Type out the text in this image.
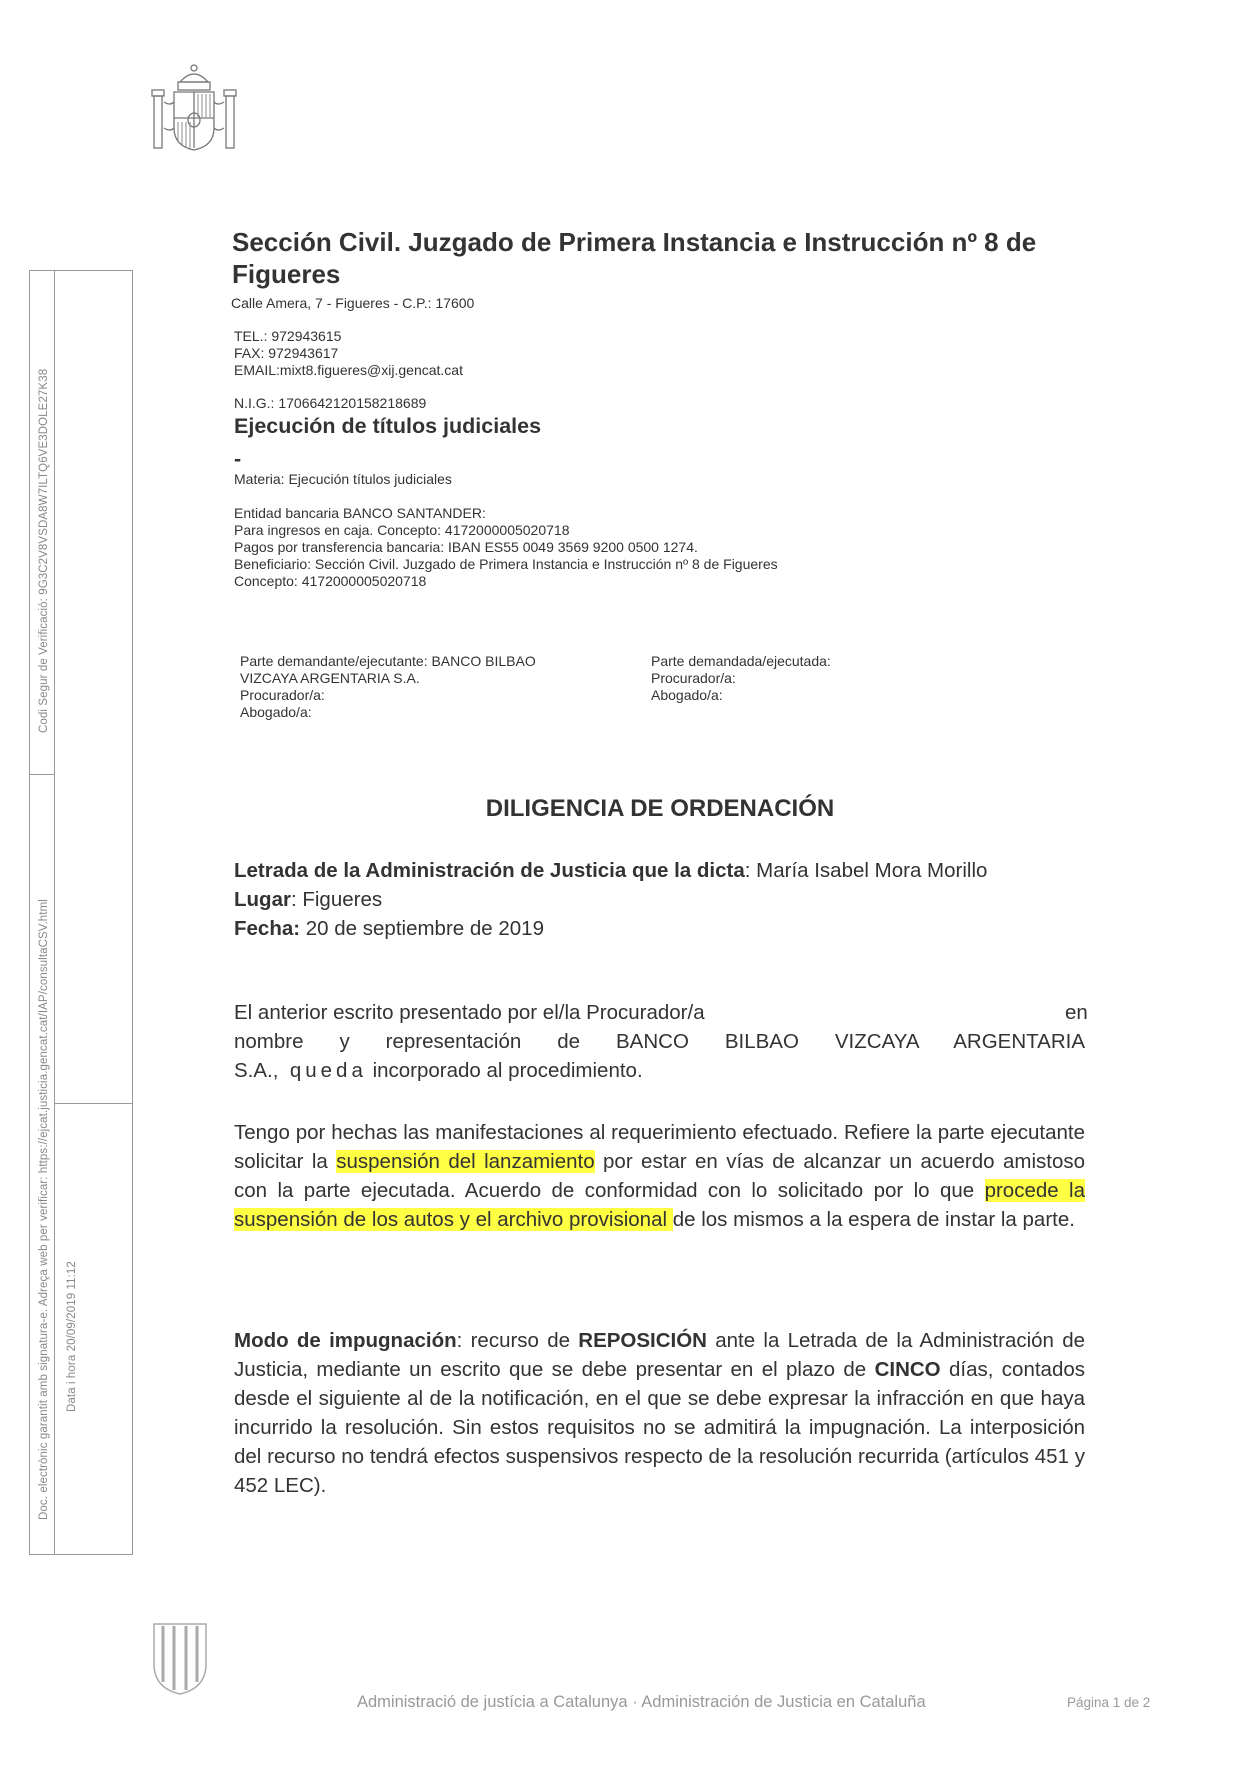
Codi Segur de Verificació: 9G3C2V8VSDA8W7ILTQ6VE3DOLE27K38
Doc. electrònic garantit amb signatura-e. Adreça web per verificar: https://ejcat.justicia.gencat.cat/IAP/consultaCSV.html Data i hora 20/09/2019 11:12
Sección Civil. Juzgado de Primera Instancia e Instrucción nº 8 de Figueres
Calle Amera, 7 - Figueres - C.P.: 17600
TEL.: 972943615
FAX: 972943617
EMAIL:mixt8.figueres@xij.gencat.cat
N.I.G.: 1706642120158218689
Ejecución de títulos judiciales
-
Materia: Ejecución títulos judiciales
Entidad bancaria BANCO SANTANDER:
Para ingresos en caja. Concepto: 4172000005020718
Pagos por transferencia bancaria: IBAN ES55 0049 3569 9200 0500 1274.
Beneficiario: Sección Civil. Juzgado de Primera Instancia e Instrucción nº 8 de Figueres
Concepto: 4172000005020718
Parte demandante/ejecutante: BANCO BILBAO
VIZCAYA ARGENTARIA S.A.
Procurador/a:
Abogado/a:
Parte demandada/ejecutada:
Procurador/a:
Abogado/a:
DILIGENCIA DE ORDENACIÓN
Letrada de la Administración de Justicia que la dicta: María Isabel Mora Morillo
Lugar: Figueres
Fecha: 20 de septiembre de 2019
El anterior escrito presentado por el/la Procurador/a	en
nombre y representación de BANCO BILBAO VIZCAYA ARGENTARIA
S.A., queda incorporado al procedimiento.
Tengo por hechas las manifestaciones al requerimiento efectuado. Refiere la parte ejecutante solicitar la suspensión del lanzamiento por estar en vías de alcanzar un acuerdo amistoso con la parte ejecutada. Acuerdo de conformidad con lo solicitado por lo que procede la suspensión de los autos y el archivo provisional de los mismos a la espera de instar la parte.
Modo de impugnación: recurso de REPOSICIÓN ante la Letrada de la Administración de Justicia, mediante un escrito que se debe presentar en el plazo de CINCO días, contados desde el siguiente al de la notificación, en el que se debe expresar la infracción en que haya incurrido la resolución. Sin estos requisitos no se admitirá la impugnación. La interposición del recurso no tendrá efectos suspensivos respecto de la resolución recurrida (artículos 451 y 452 LEC).
Administració de justícia a Catalunya · Administración de Justicia en Cataluña	Página 1 de 2
